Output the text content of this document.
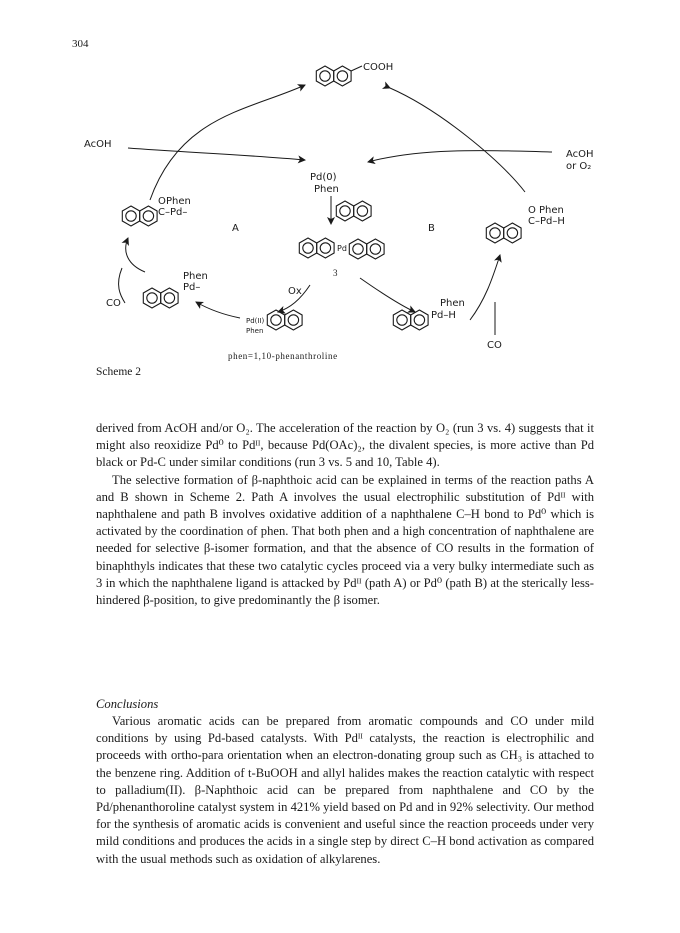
304
COOH
AcOH
AcOH
or O₂
Pd(0)
Phen
Pd
3
A	B
O Phen
C–Pd–	O Phen
C–Pd–H
Phen
Pd–
CO
Ox
Pd(II)
Phen
Phen
Pd–H
CO
phen=1,10-phenanthroline
Scheme 2

derived from AcOH and/or O₂. The acceleration of the reaction by O₂ (run 3 vs. 4) suggests that it might also reoxidize Pd⁰ to Pdᴵᴵ, because Pd(OAc)₂, the divalent species, is more active than Pd black or Pd-C under similar conditions (run 3 vs. 5 and 10, Table 4).

The selective formation of β-naphthoic acid can be explained in terms of the reaction paths A and B shown in Scheme 2. Path A involves the usual electrophilic substitution of Pdᴵᴵ with naphthalene and path B involves oxidative addition of a naphthalene C–H bond to Pd⁰ which is activated by the coordination of phen. That both phen and a high concentration of naphthalene are needed for selective β-isomer formation, and that the absence of CO results in the formation of binaphthyls indicates that these two catalytic cycles proceed via a very bulky intermediate such as 3 in which the naphthalene ligand is attacked by Pdᴵᴵ (path A) or Pd⁰ (path B) at the sterically less-hindered β-position, to give predominantly the β isomer.

Conclusions

Various aromatic acids can be prepared from aromatic compounds and CO under mild conditions by using Pd-based catalysts. With Pdᴵᴵ catalysts, the reaction is electrophilic and proceeds with ortho-para orientation when an electron-donating group such as CH₃ is attached to the benzene ring. Addition of t-BuOOH and allyl halides makes the reaction catalytic with respect to palladium(II). β-Naphthoic acid can be prepared from naphthalene and CO by the Pd/phenanthoroline catalyst system in 421% yield based on Pd and in 92% selectivity. Our method for the synthesis of aromatic acids is convenient and useful since the reaction proceeds under very mild conditions and produces the acids in a single step by direct C–H bond activation as compared with the usual methods such as oxidation of alkylarenes.
